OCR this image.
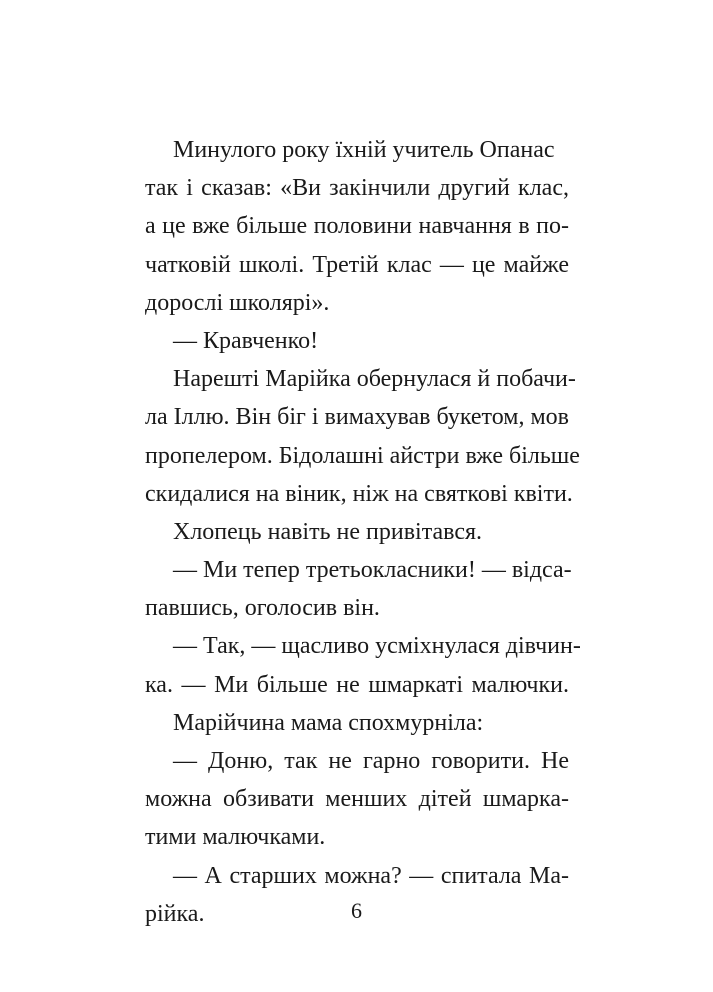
Минулого року їхній учитель Опанас
так і сказав: «Ви закінчили другий клас,
а це вже більше половини навчання в по-
чатковій школі. Третій клас — це майже
дорослі школярі».
— Кравченко!
Нарешті Марійка обернулася й побачи-
ла Іллю. Він біг і вимахував букетом, мов
пропелером. Бідолашні айстри вже більше
скидалися на віник, ніж на святкові квіти.
Хлопець навіть не привітався.
— Ми тепер третьокласники! — відса-
павшись, оголосив він.
— Так, — щасливо усміхнулася дівчин-
ка. — Ми більше не шмаркаті малючки.
Марійчина мама спохмурніла:
— Доню, так не гарно говорити. Не
можна обзивати менших дітей шмарка-
тими малючками.
— А старших можна? — спитала Ма-
рійка.	6
